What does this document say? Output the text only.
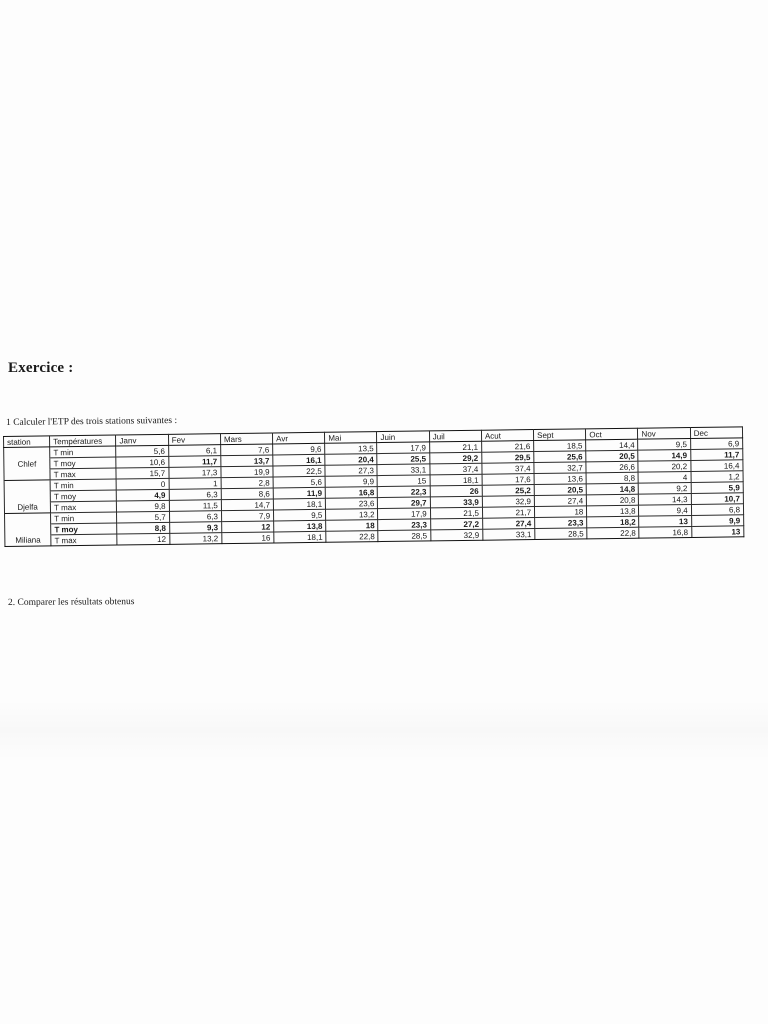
Exercice :
1 Calculer l'ETP des trois stations suivantes :
station	Températures	Janv	Fev	Mars	Avr	Mai	Juin	Juil	Acut	Sept	Oct	Nov	Dec
	T min	5,6	6,1	7,6	9,6	13,5	17,9	21,1	21,6	18,5	14,4	9,5	6,9
Chlef	T moy	10,6	11,7	13,7	16,1	20,4	25,5	29,2	29,5	25,6	20,5	14,9	11,7
	T max	15,7	17,3	19,9	22,5	27,3	33,1	37,4	37,4	32,7	26,6	20,2	16,4
	T min	0	1	2,8	5,6	9,9	15	18,1	17,6	13,6	8,8	4	1,2
	T moy	4,9	6,3	8,6	11,9	16,8	22,3	26	25,2	20,5	14,8	9,2	5,9
Djelfa	T max	9,8	11,5	14,7	18,1	23,6	29,7	33,9	32,9	27,4	20,8	14,3	10,7
	T min	5,7	6,3	7,9	9,5	13,2	17,9	21,5	21,7	18	13,8	9,4	6,8
	T moy	8,8	9,3	12	13,8	18	23,3	27,2	27,4	23,3	18,2	13	9,9
Miliana	T max	12	13,2	16	18,1	22,8	28,5	32,9	33,1	28,5	22,8	16,8	13
2. Comparer les résultats obtenus
